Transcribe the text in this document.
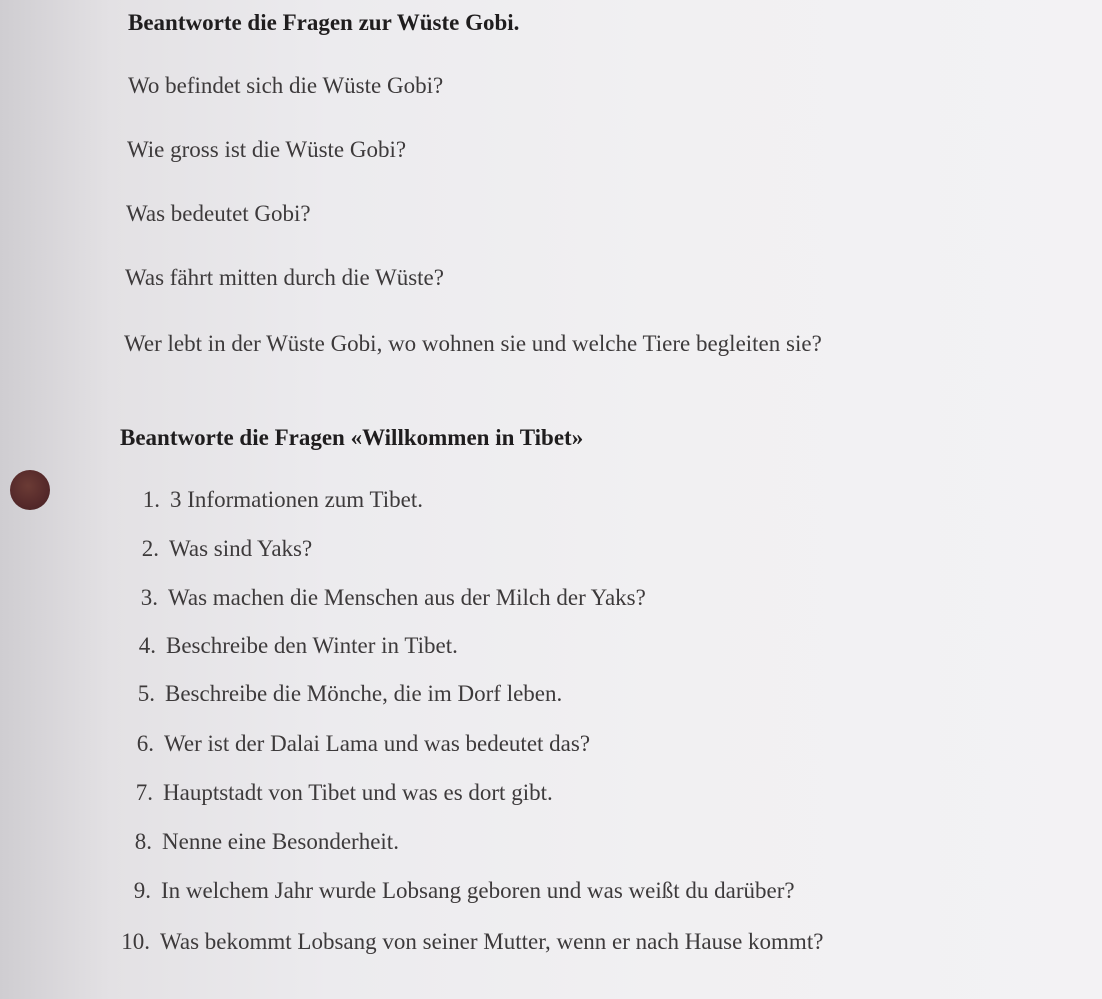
Beantworte die Fragen zur Wüste Gobi.

Wo befindet sich die Wüste Gobi?

Wie gross ist die Wüste Gobi?

Was bedeutet Gobi?

Was fährt mitten durch die Wüste?

Wer lebt in der Wüste Gobi, wo wohnen sie und welche Tiere begleiten sie?

Beantworte die Fragen «Willkommen in Tibet»
1. 3 Informationen zum Tibet.
2. Was sind Yaks?
3. Was machen die Menschen aus der Milch der Yaks?
4. Beschreibe den Winter in Tibet.
5. Beschreibe die Mönche, die im Dorf leben.
6. Wer ist der Dalai Lama und was bedeutet das?
7. Hauptstadt von Tibet und was es dort gibt.
8. Nenne eine Besonderheit.
9. In welchem Jahr wurde Lobsang geboren und was weißt du darüber?
10. Was bekommt Lobsang von seiner Mutter, wenn er nach Hause kommt?
